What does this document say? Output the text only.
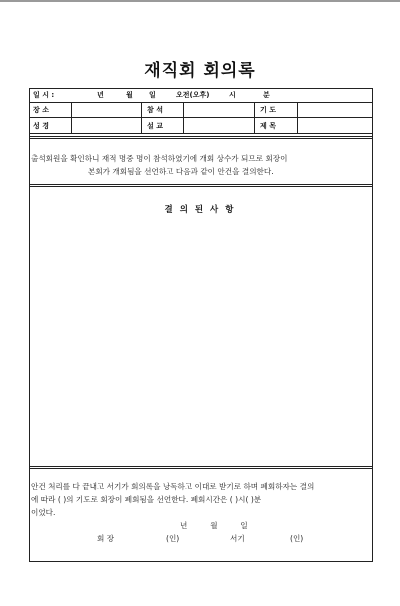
재직회 회의록
일 시 :	년	월 일	오전(오후)	시	분
장 소	참 석	기 도
성 경	설 교	제 목
출석회원을 확인하니 재적 명중 명이 참석하였기에 개회 상수가 되므로 회장이
본회가 개회됨을 선언하고 다음과 같이 안건을 결의한다.
결 의 된 사 항
안건 처리를 다 끝내고 서기가 회의록을 낭독하고 이대로 받기로 하며 폐회하자는 결의
에 따라 ( )의 기도로 회장이 폐회됨을 선언한다. 폐회시간은 ( )시( )분
이었다.
년	월	일
회 장	(인)	서기	(인)
